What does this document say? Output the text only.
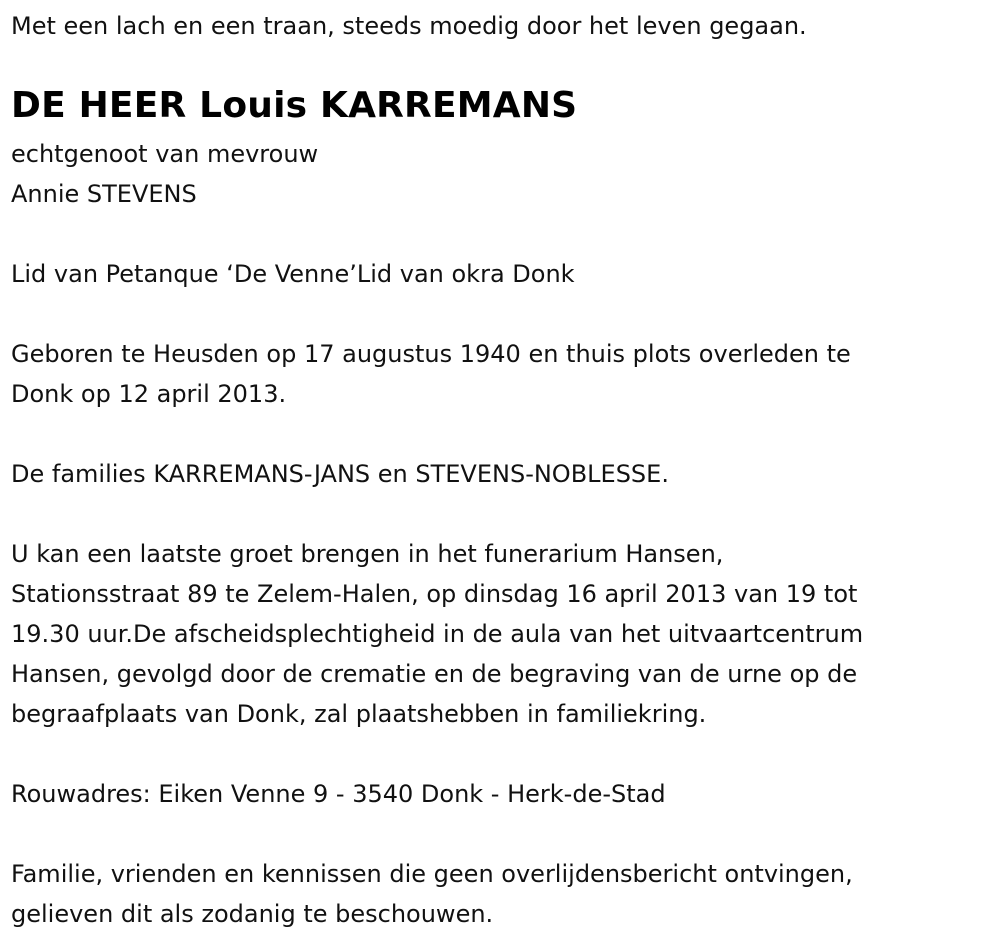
Met een lach en een traan, steeds moedig door het leven gegaan.

DE HEER Louis KARREMANS

echtgenoot van mevrouw

Annie STEVENS

Lid van Petanque ‘De Venne’Lid van okra Donk

Geboren te Heusden op 17 augustus 1940 en thuis plots overleden te

Donk op 12 april 2013.

De families KARREMANS-JANS en STEVENS-NOBLESSE.

U kan een laatste groet brengen in het funerarium Hansen,

Stationsstraat 89 te Zelem-Halen, op dinsdag 16 april 2013 van 19 tot

19.30 uur.De afscheidsplechtigheid in de aula van het uitvaartcentrum

Hansen, gevolgd door de crematie en de begraving van de urne op de

begraafplaats van Donk, zal plaatshebben in familiekring.

Rouwadres: Eiken Venne 9 - 3540 Donk - Herk-de-Stad

Familie, vrienden en kennissen die geen overlijdensbericht ontvingen,

gelieven dit als zodanig te beschouwen.
